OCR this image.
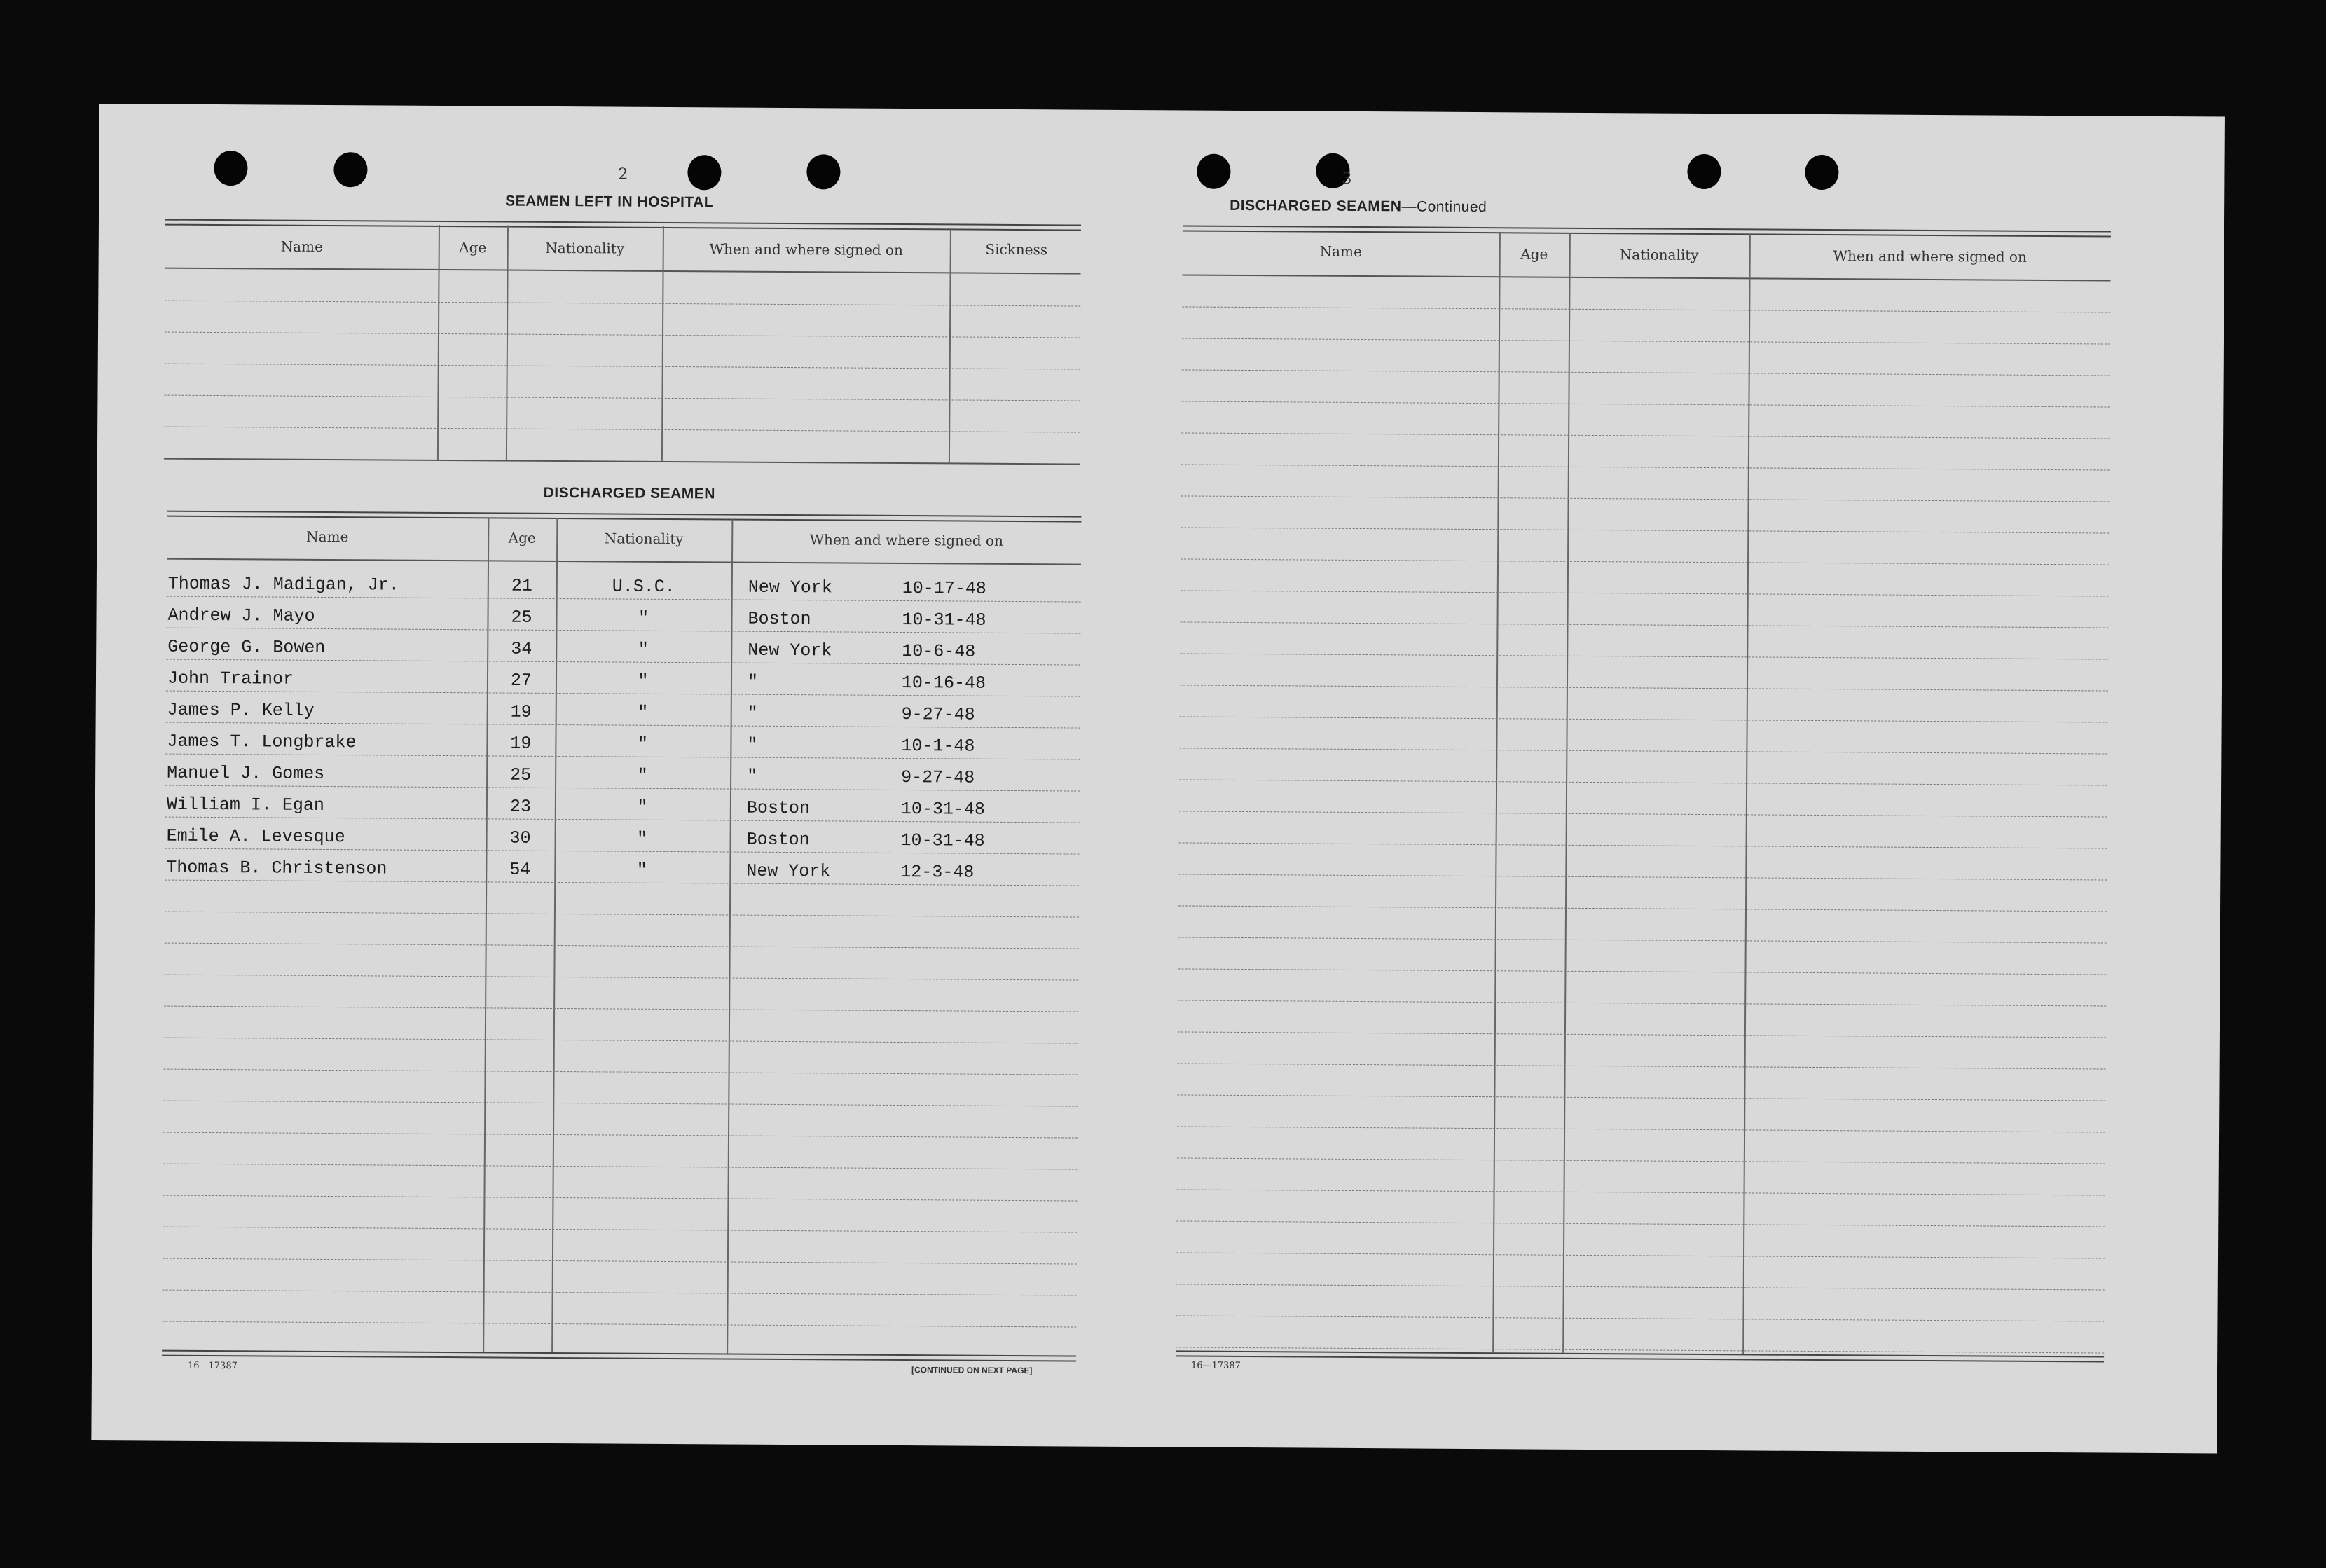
2
SEAMEN LEFT IN HOSPITAL
Name	Age	Nationality	When and where signed on	Sickness
DISCHARGED SEAMEN
Name	Age	Nationality	When and where signed on
Thomas J. Madigan, Jr.	21	U.S.C.	New York	10-17-48
Andrew J. Mayo	25	"	Boston	10-31-48
George G. Bowen	34	"	New York	10-6-48
John Trainor	27	"	"	10-16-48
James P. Kelly	19	"	"	9-27-48
James T. Longbrake	19	"	"	10-1-48
Manuel J. Gomes	25	"	"	9-27-48
William I. Egan	23	"	Boston	10-31-48
Emile A. Levesque	30	"	Boston	10-31-48
Thomas B. Christenson	54	"	New York	12-3-48
16—17387	[CONTINUED ON NEXT PAGE]
3
DISCHARGED SEAMEN—Continued
Name	Age	Nationality	When and where signed on
16—17387
